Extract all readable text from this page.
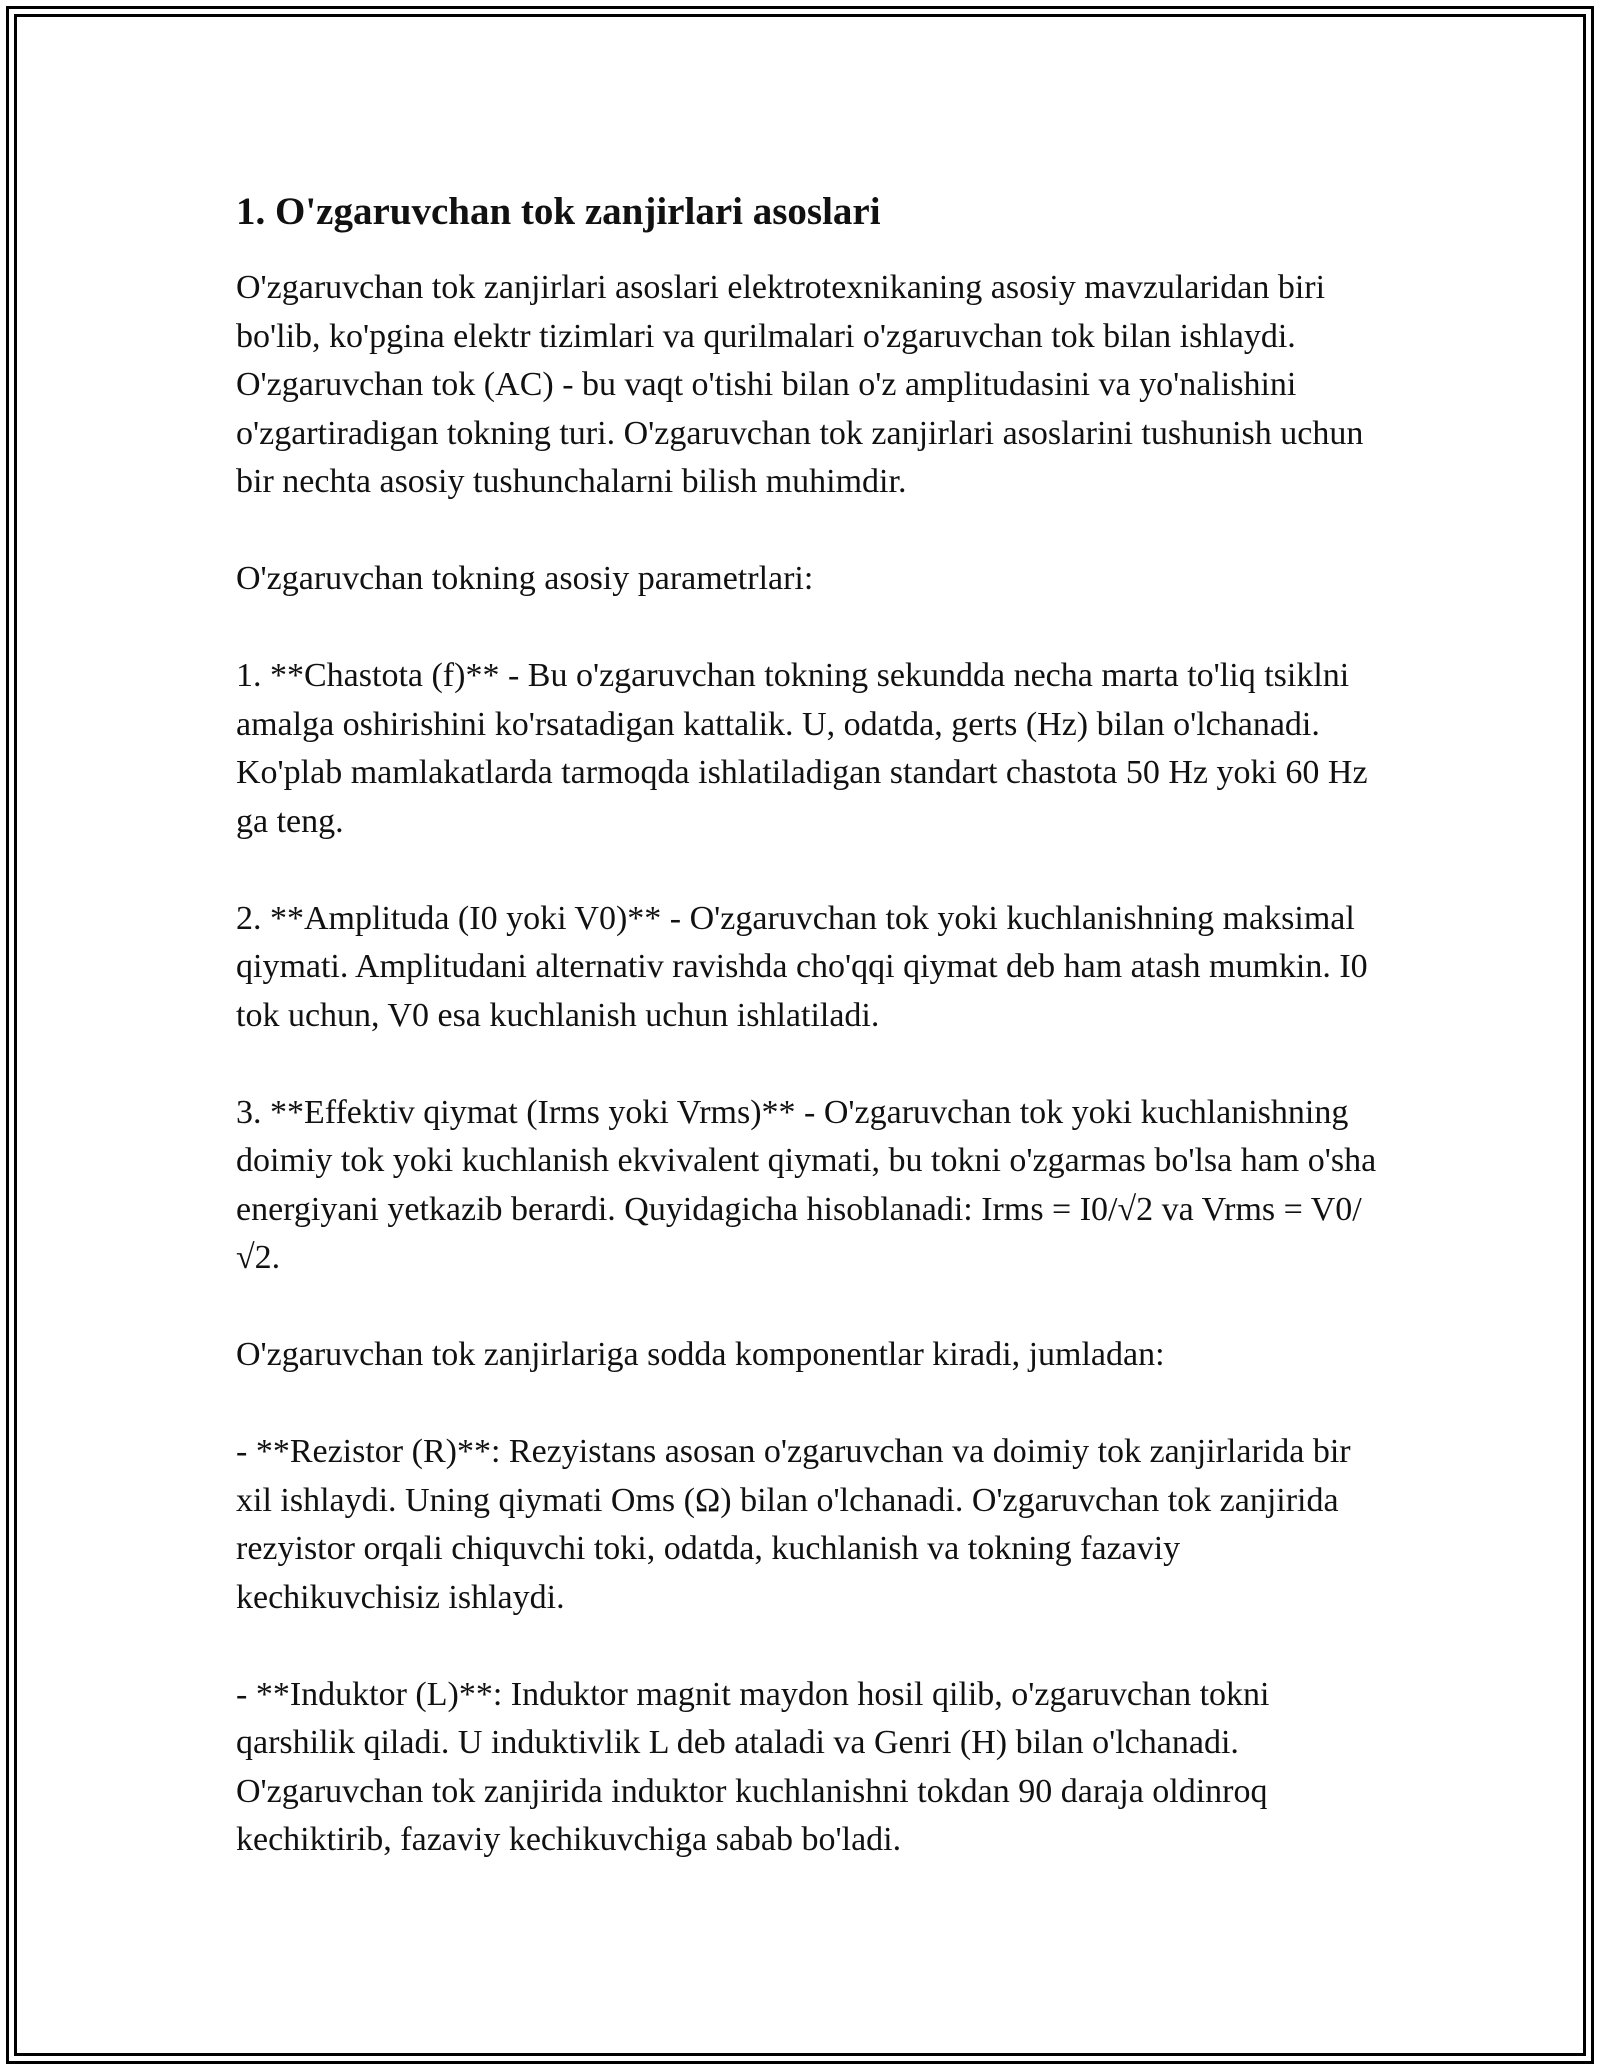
1. O'zgaruvchan tok zanjirlari asoslari

O'zgaruvchan tok zanjirlari asoslari elektrotexnikaning asosiy mavzularidan biri bo'lib, ko'pgina elektr tizimlari va qurilmalari o'zgaruvchan tok bilan ishlaydi. O'zgaruvchan tok (AC) - bu vaqt o'tishi bilan o'z amplitudasini va yo'nalishini o'zgartiradigan tokning turi. O'zgaruvchan tok zanjirlari asoslarini tushunish uchun bir nechta asosiy tushunchalarni bilish muhimdir.

O'zgaruvchan tokning asosiy parametrlari:

1. **Chastota (f)** - Bu o'zgaruvchan tokning sekundda necha marta to'liq tsiklni amalga oshirishini ko'rsatadigan kattalik. U, odatda, gerts (Hz) bilan o'lchanadi. Ko'plab mamlakatlarda tarmoqda ishlatiladigan standart chastota 50 Hz yoki 60 Hz ga teng.

2. **Amplituda (I0 yoki V0)** - O'zgaruvchan tok yoki kuchlanishning maksimal qiymati. Amplitudani alternativ ravishda cho'qqi qiymat deb ham atash mumkin. I0 tok uchun, V0 esa kuchlanish uchun ishlatiladi.

3. **Effektiv qiymat (Irms yoki Vrms)** - O'zgaruvchan tok yoki kuchlanishning doimiy tok yoki kuchlanish ekvivalent qiymati, bu tokni o'zgarmas bo'lsa ham o'sha energiyani yetkazib berardi. Quyidagicha hisoblanadi: Irms = I0/√2 va Vrms = V0/√2.

O'zgaruvchan tok zanjirlariga sodda komponentlar kiradi, jumladan:

- **Rezistor (R)**: Rezyistans asosan o'zgaruvchan va doimiy tok zanjirlarida bir xil ishlaydi. Uning qiymati Oms (Ω) bilan o'lchanadi. O'zgaruvchan tok zanjirida rezyistor orqali chiquvchi toki, odatda, kuchlanish va tokning fazaviy kechikuvchisiz ishlaydi.

- **Induktor (L)**: Induktor magnit maydon hosil qilib, o'zgaruvchan tokni qarshilik qiladi. U induktivlik L deb ataladi va Genri (H) bilan o'lchanadi. O'zgaruvchan tok zanjirida induktor kuchlanishni tokdan 90 daraja oldinroq kechiktirib, fazaviy kechikuvchiga sabab bo'ladi.
